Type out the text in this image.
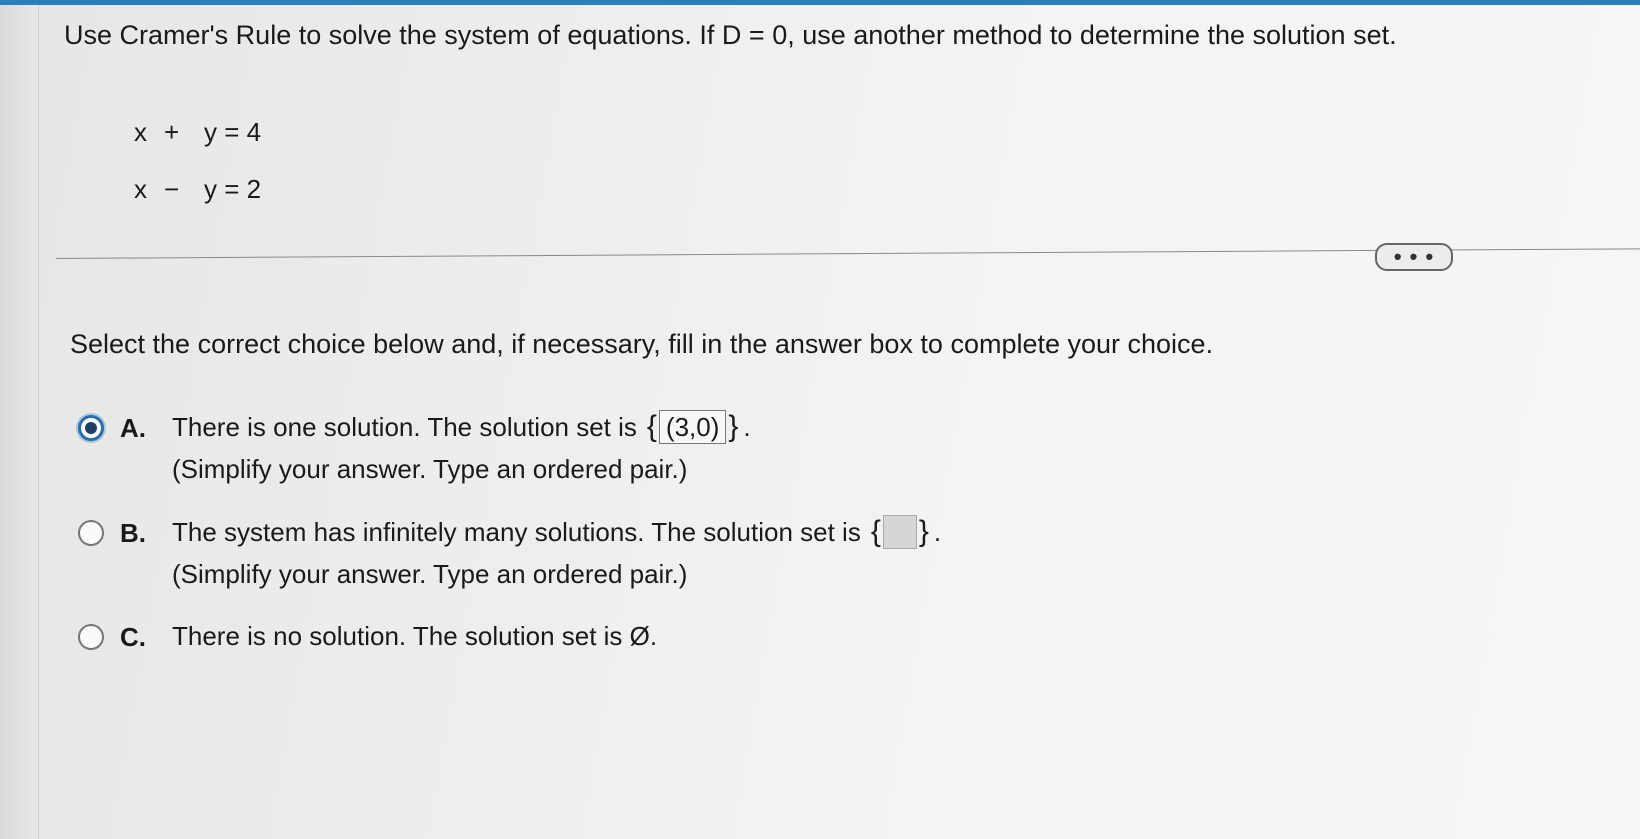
Use Cramer's Rule to solve the system of equations. If D = 0, use another method to determine the solution set.
x + y = 4
x − y = 2
• • •
Select the correct choice below and, if necessary, fill in the answer box to complete your choice.
A.	There is one solution. The solution set is { (3,0) } .
(Simplify your answer. Type an ordered pair.)
B.	The system has infinitely many solutions. The solution set is { } .
(Simplify your answer. Type an ordered pair.)
C.	There is no solution. The solution set is Ø.
